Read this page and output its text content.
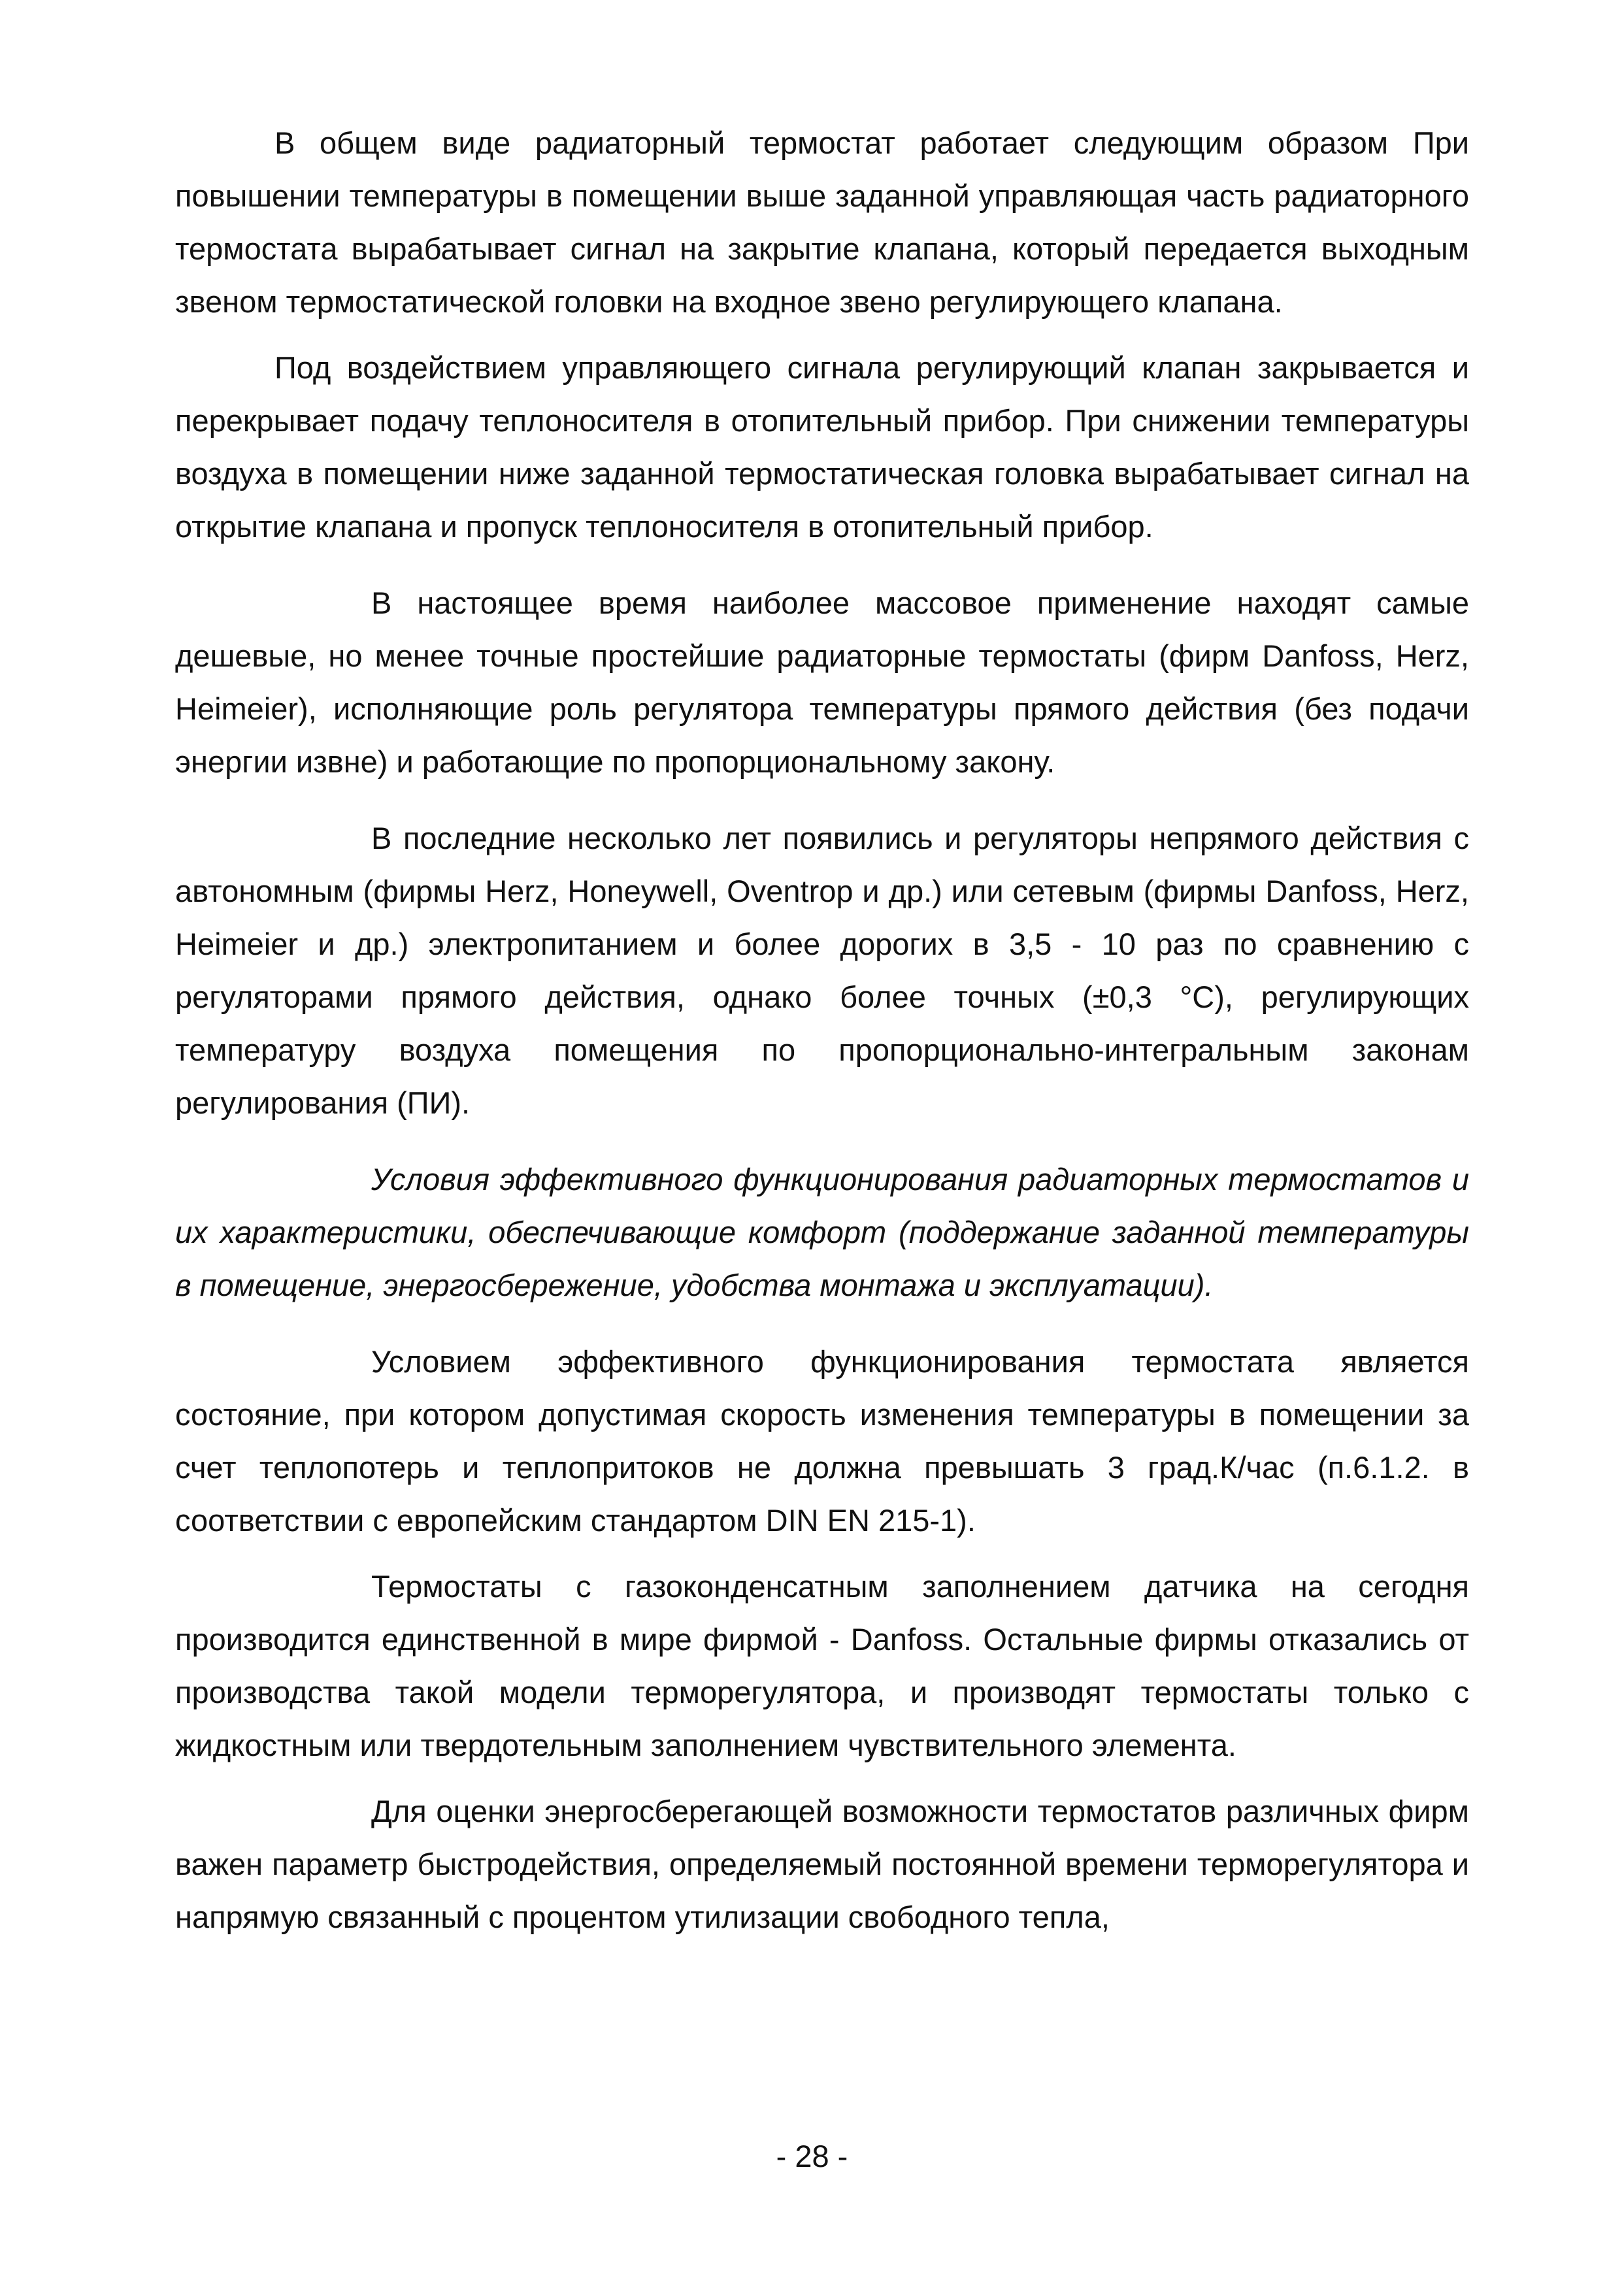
В общем виде радиаторный термостат работает следующим образом При повышении температуры в помещении выше заданной управляющая часть радиаторного термостата вырабатывает сигнал на закрытие клапана, который передается выходным звеном термостатической головки на входное звено регулирующего клапана.

Под воздействием управляющего сигнала регулирующий клапан закрывается и перекрывает подачу теплоносителя в отопительный прибор. При снижении температуры воздуха в помещении ниже заданной термостатическая головка вырабатывает сигнал на открытие клапана и пропуск теплоносителя в отопительный прибор.

В настоящее время наиболее массовое применение находят самые дешевые, но менее точные простейшие радиаторные термостаты (фирм Danfoss, Herz, Heimeier), исполняющие роль регулятора температуры прямого действия (без подачи энергии извне) и работающие по пропорциональному закону.

В последние несколько лет появились и регуляторы непрямого действия с автономным (фирмы Herz, Honeywell, Oventrop и др.) или сетевым (фирмы Danfoss, Herz, Heimeier и др.) электропитанием и более дорогих в 3,5 - 10 раз по сравнению с регуляторами прямого действия, однако более точных (±0,3 °С), регулирующих температуру воздуха помещения по пропорционально-интегральным законам регулирования (ПИ).

Условия эффективного функционирования радиаторных термостатов и их характеристики, обеспечивающие комфорт (поддержание заданной температуры в помещение, энергосбережение, удобства монтажа и эксплуатации).

Условием эффективного функционирования термостата является состояние, при котором допустимая скорость изменения температуры в помещении за счет теплопотерь и теплопритоков не должна превышать 3 град.К/час (п.6.1.2. в соответствии с европейским стандартом DIN EN 215-1).

Термостаты с газоконденсатным заполнением датчика на сегодня производится единственной в мире фирмой - Danfoss. Остальные фирмы отказались от производства такой модели терморегулятора, и производят термостаты только с жидкостным или твердотельным заполнением чувствительного элемента.

Для оценки энергосберегающей возможности термостатов различных фирм важен параметр быстродействия, определяемый постоянной времени терморегулятора и напрямую связанный с процентом утилизации свободного тепла,

- 28 -
